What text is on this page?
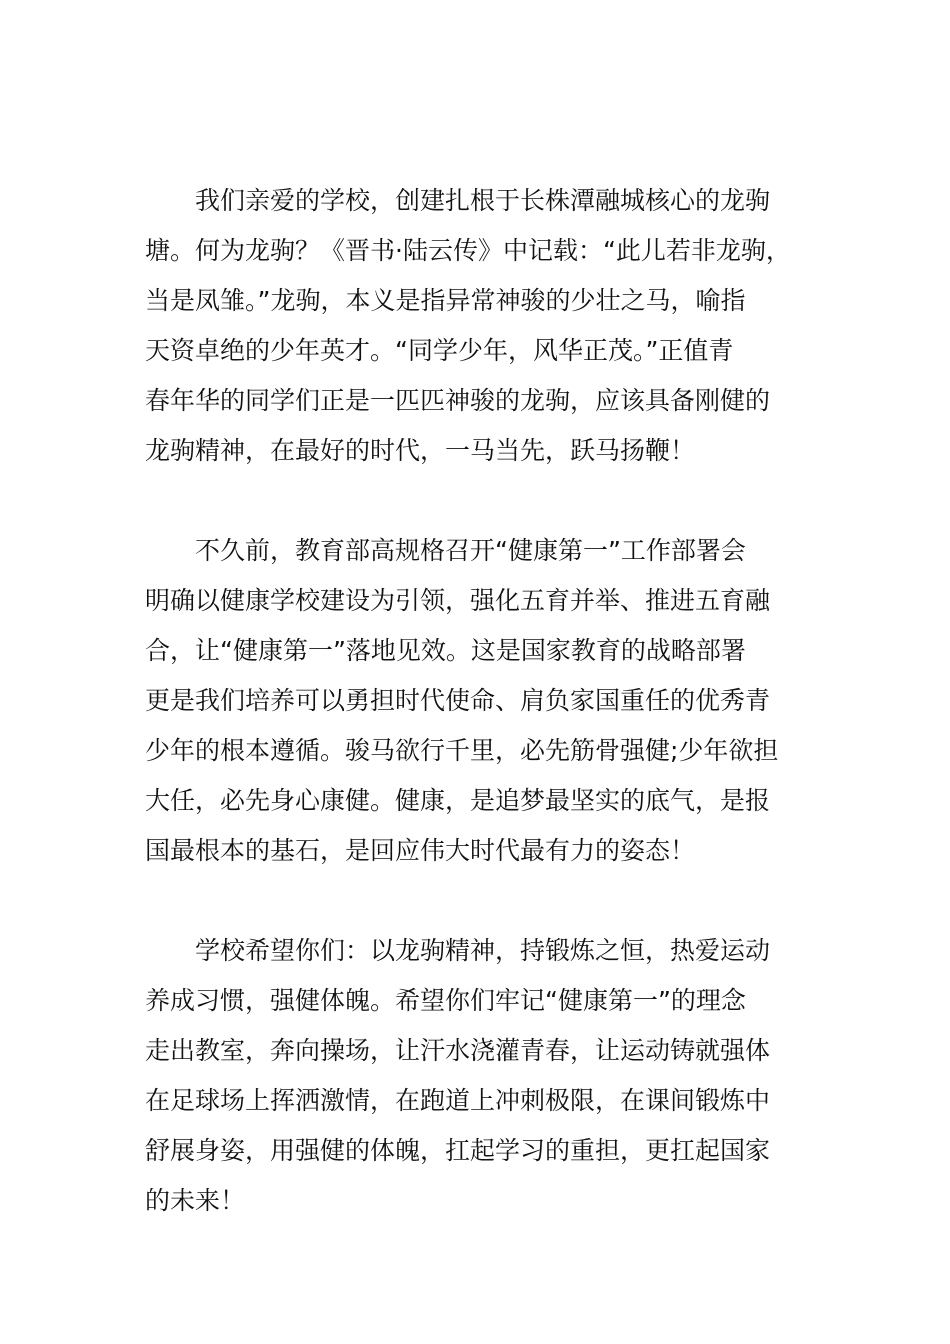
我们亲爱的学校，创建扎根于长株潭融城核心的龙驹
塘。何为龙驹？《晋书·陆云传》中记载：“此儿若非龙驹，
当是凤雏。”龙驹，本义是指异常神骏的少壮之马，喻指
天资卓绝的少年英才。“同学少年，风华正茂。”正值青
春年华的同学们正是一匹匹神骏的龙驹，应该具备刚健的
龙驹精神，在最好的时代，一马当先，跃马扬鞭！
不久前，教育部高规格召开“健康第一”工作部署会
明确以健康学校建设为引领，强化五育并举、推进五育融
合，让“健康第一”落地见效。这是国家教育的战略部署
更是我们培养可以勇担时代使命、肩负家国重任的优秀青
少年的根本遵循。骏马欲行千里，必先筋骨强健;少年欲担
大任，必先身心康健。健康，是追梦最坚实的底气，是报
国最根本的基石，是回应伟大时代最有力的姿态！
学校希望你们：以龙驹精神，持锻炼之恒，热爱运动
养成习惯，强健体魄。希望你们牢记“健康第一”的理念
走出教室，奔向操场，让汗水浇灌青春，让运动铸就强体
在足球场上挥洒激情，在跑道上冲刺极限，在课间锻炼中
舒展身姿，用强健的体魄，扛起学习的重担，更扛起国家
的未来！
